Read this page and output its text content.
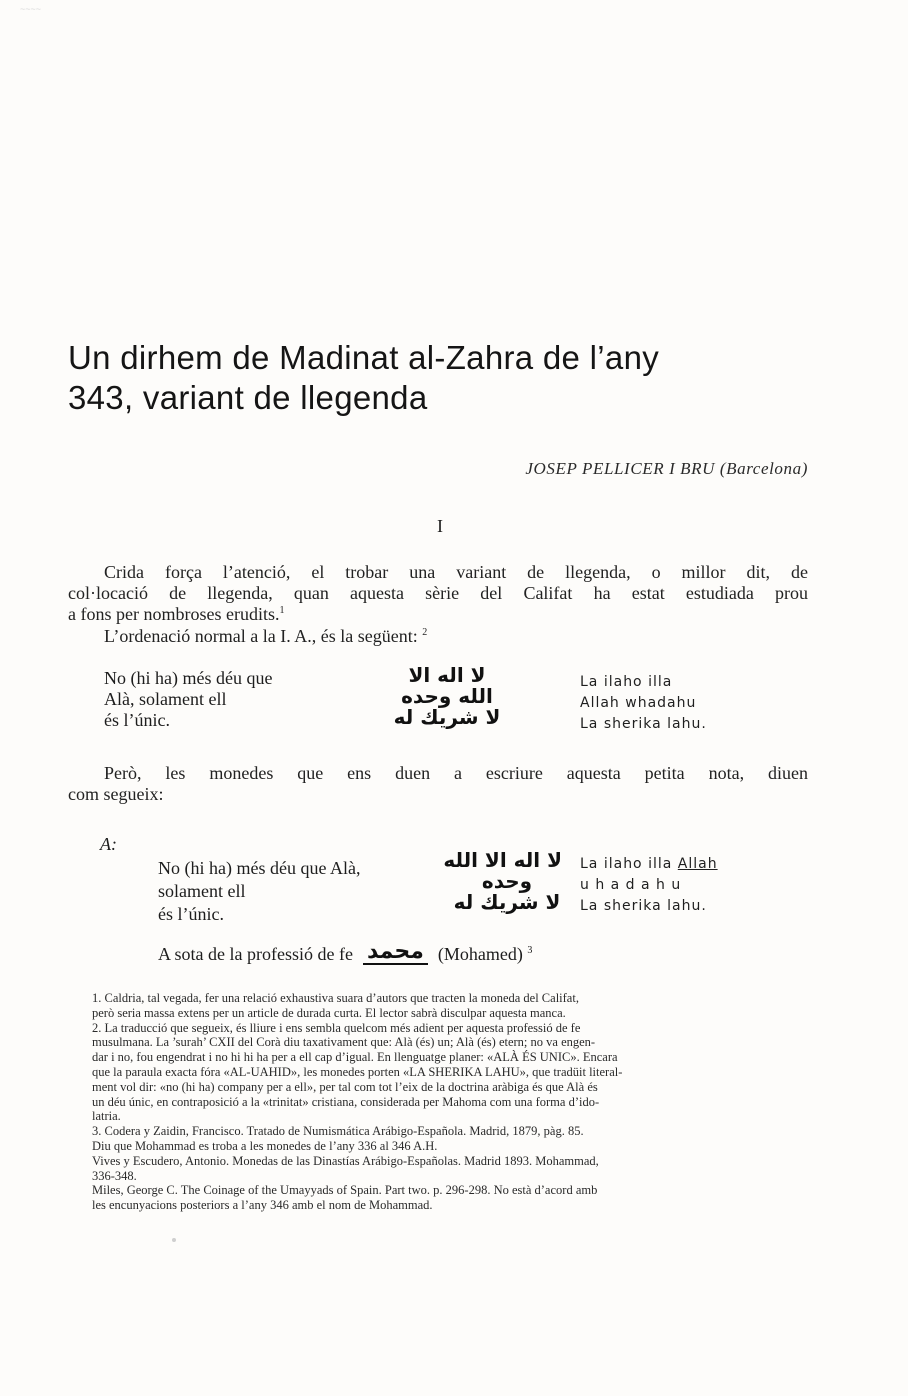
~~~~
Un dirhem de Madinat al-Zahra de l’any
343, variant de llegenda
JOSEP PELLICER I BRU (Barcelona)
I
Crida força l’atenció, el trobar una variant de llegenda, o millor dit, de
col·locació de llegenda, quan aquesta sèrie del Califat ha estat estudiada prou
a fons per nombroses erudits.$^1$
L’ordenació normal a la I. A., és la següent: $^2$
No (hi ha) més déu que
Alà, solament ell
és l’únic.
لا اله الا
الله وحده
لا شريك له
La ilaho illa
Allah whadahu
La sherika lahu.
Però, les monedes que ens duen a escriure aquesta petita nota, diuen
com segueix:
A:
No (hi ha) més déu que Alà,
solament ell
és l’únic.
لا اله الا الله
وحده
لا شريك له
La ilaho illa Allah
u h a d a h u
La sherika lahu.
A sota de la professió de fe محمد (Mohamed) $^3$
1. Caldria, tal vegada, fer una relació exhaustiva suara d’autors que tracten la moneda del Califat,
però seria massa extens per un article de durada curta. El lector sabrà disculpar aquesta manca.
2. La traducció que segueix, és lliure i ens sembla quelcom més adient per aquesta professió de fe
musulmana. La ’surah’ CXII del Corà diu taxativament que: Alà (és) un; Alà (és) etern; no va engen-
dar i no, fou engendrat i no hi hi ha per a ell cap d’igual. En llenguatge planer: «ALÀ ÉS UNIC». Encara
que la paraula exacta fóra «AL-UAHID», les monedes porten «LA SHERIKA LAHU», que tradüit literal-
ment vol dir: «no (hi ha) company per a ell», per tal com tot l’eix de la doctrina aràbiga és que Alà és
un déu únic, en contraposició a la «trinitat» cristiana, considerada per Mahoma com una forma d’ido-
latria.
3. Codera y Zaidin, Francisco. Tratado de Numismática Arábigo-Española. Madrid, 1879, pàg. 85.
Diu que Mohammad es troba a les monedes de l’any 336 al 346 A.H.
Vives y Escudero, Antonio. Monedas de las Dinastías Arábigo-Españolas. Madrid 1893. Mohammad,
336-348.
Miles, George C. The Coinage of the Umayyads of Spain. Part two. p. 296-298. No està d’acord amb
les encunyacions posteriors a l’any 346 amb el nom de Mohammad.
